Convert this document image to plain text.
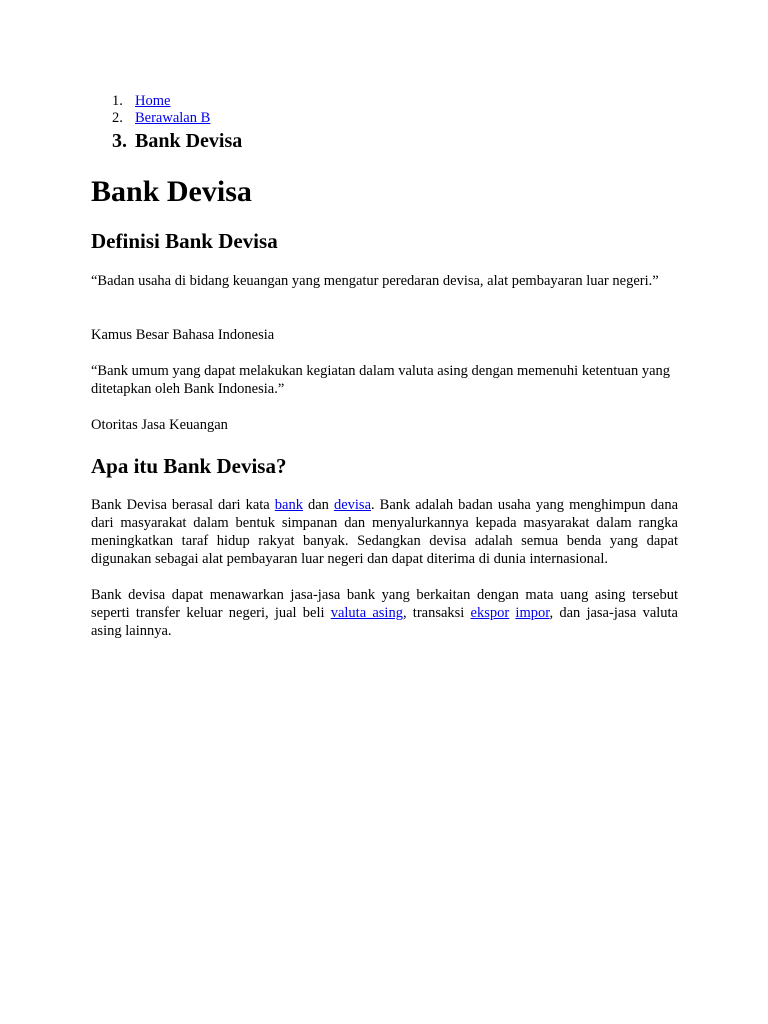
1. Home
2. Berawalan B
3. Bank Devisa
Bank Devisa
Definisi Bank Devisa

“Badan usaha di bidang keuangan yang mengatur peredaran devisa, alat pembayaran luar negeri.”

Kamus Besar Bahasa Indonesia

“Bank umum yang dapat melakukan kegiatan dalam valuta asing dengan memenuhi ketentuan yang ditetapkan oleh Bank Indonesia.”

Otoritas Jasa Keuangan

Apa itu Bank Devisa?

Bank Devisa berasal dari kata bank dan devisa. Bank adalah badan usaha yang menghimpun dana dari masyarakat dalam bentuk simpanan dan menyalurkannya kepada masyarakat dalam rangka meningkatkan taraf hidup rakyat banyak. Sedangkan devisa adalah semua benda yang dapat digunakan sebagai alat pembayaran luar negeri dan dapat diterima di dunia internasional.

Bank devisa dapat menawarkan jasa-jasa bank yang berkaitan dengan mata uang asing tersebut seperti transfer keluar negeri, jual beli valuta asing, transaksi ekspor impor, dan jasa-jasa valuta asing lainnya.
